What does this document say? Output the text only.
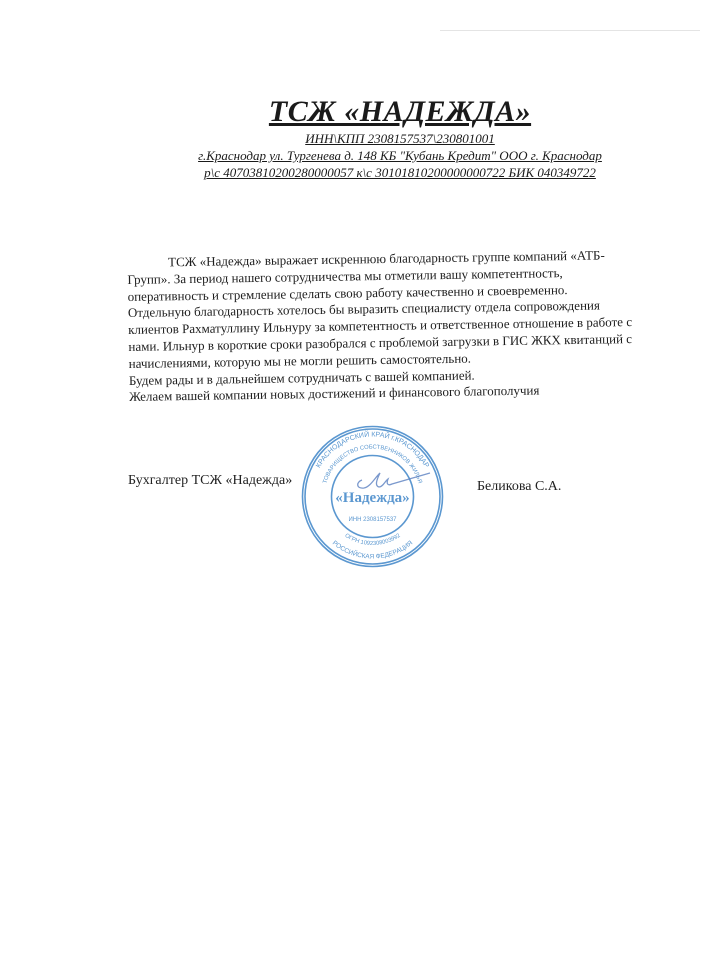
ТСЖ «НАДЕЖДА»
ИНН\КПП 2308157537\230801001
г.Краснодар ул. Тургенева д. 148 КБ "Кубань Кредит" ООО г. Краснодар
р\с 40703810200280000057 к\с 30101810200000000722 БИК 040349722
ТСЖ «Надежда» выражает искреннюю благодарность группе компаний «АТБ-
Групп». За период нашего сотрудничества мы отметили вашу компетентность,
оперативность и стремление сделать свою работу качественно и своевременно.
Отдельную благодарность хотелось бы выразить специалисту отдела сопровождения
клиентов Рахматуллину Ильнуру за компетентность и ответственное отношение в работе с
нами. Ильнур в короткие сроки разобрался с проблемой загрузки в ГИС ЖКХ квитанций с
начислениями, которую мы не могли решить самостоятельно.
Будем рады и в дальнейшем сотрудничать с вашей компанией.
Желаем вашей компании новых достижений и финансового благополучия
Бухгалтер ТСЖ «Надежда»	Беликова С.А.
КРАСНОДАРСКИЙ КРАЙ г.КРАСНОДАР
ТОВАРИЩЕСТВО СОБСТВЕННИКОВ ЖИЛЬЯ
РОССИЙСКАЯ ФЕДЕРАЦИЯ
ОГРН 1092308003992
ИНН 2308157537
«Надежда»
